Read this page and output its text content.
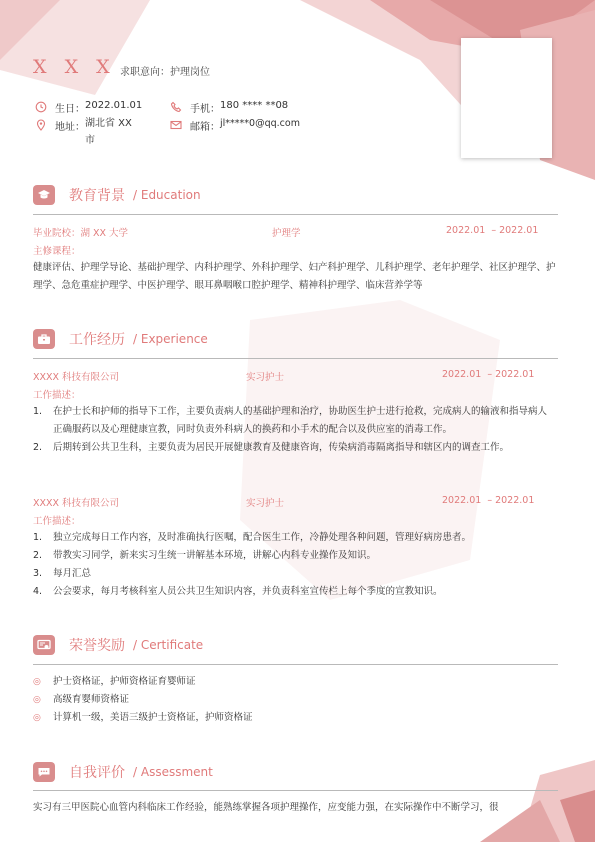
X X X 求职意向：护理岗位
生日： 2022.01.01
地址： 湖北省 XX 市
手机： 180 **** **08
邮箱： jl*****0@qq.com
教育背景 / Education
毕业院校：湖 XX 大学	护理学	2022.01  – 2022.01
主修课程：
健康评估、护理学导论、基础护理学、内科护理学、外科护理学、妇产科护理学、儿科护理学、老年护理学、社区护理学、护理学、急危重症护理学、中医护理学、眼耳鼻咽喉口腔护理学、精神科护理学、临床营养学等
工作经历 / Experience
XXXX 科技有限公司	实习护士	2022.01  – 2022.01
工作描述：
1.	在护士长和护师的指导下工作，主要负责病人的基础护理和治疗，协助医生护士进行抢救，完成病人的输液和指导病人正确服药以及心理健康宣教，同时负责外科病人的换药和小手术的配合以及供应室的消毒工作。
2.	后期转到公共卫生科，主要负责为居民开展健康教育及健康咨询，传染病消毒隔离指导和辖区内的调查工作。
XXXX 科技有限公司	实习护士	2022.01  – 2022.01
工作描述：
1.	独立完成每日工作内容，及时准确执行医嘱，配合医生工作，冷静处理各种问题，管理好病房患者。
2.	带教实习同学，新来实习生统一讲解基本环境，讲解心内科专业操作及知识。
3.	每月汇总
4.	公会要求，每月考核科室人员公共卫生知识内容，并负责科室宣传栏上每个季度的宣教知识。
荣誉奖励 / Certificate
◎	护士资格证，护师资格证育婴师证
◎	高级育婴师资格证
◎	计算机一级，美语三级护士资格证，护师资格证
自我评价 / Assessment
实习有三甲医院心血管内科临床工作经验，能熟练掌握各项护理操作，应变能力强，在实际操作中不断学习，很
